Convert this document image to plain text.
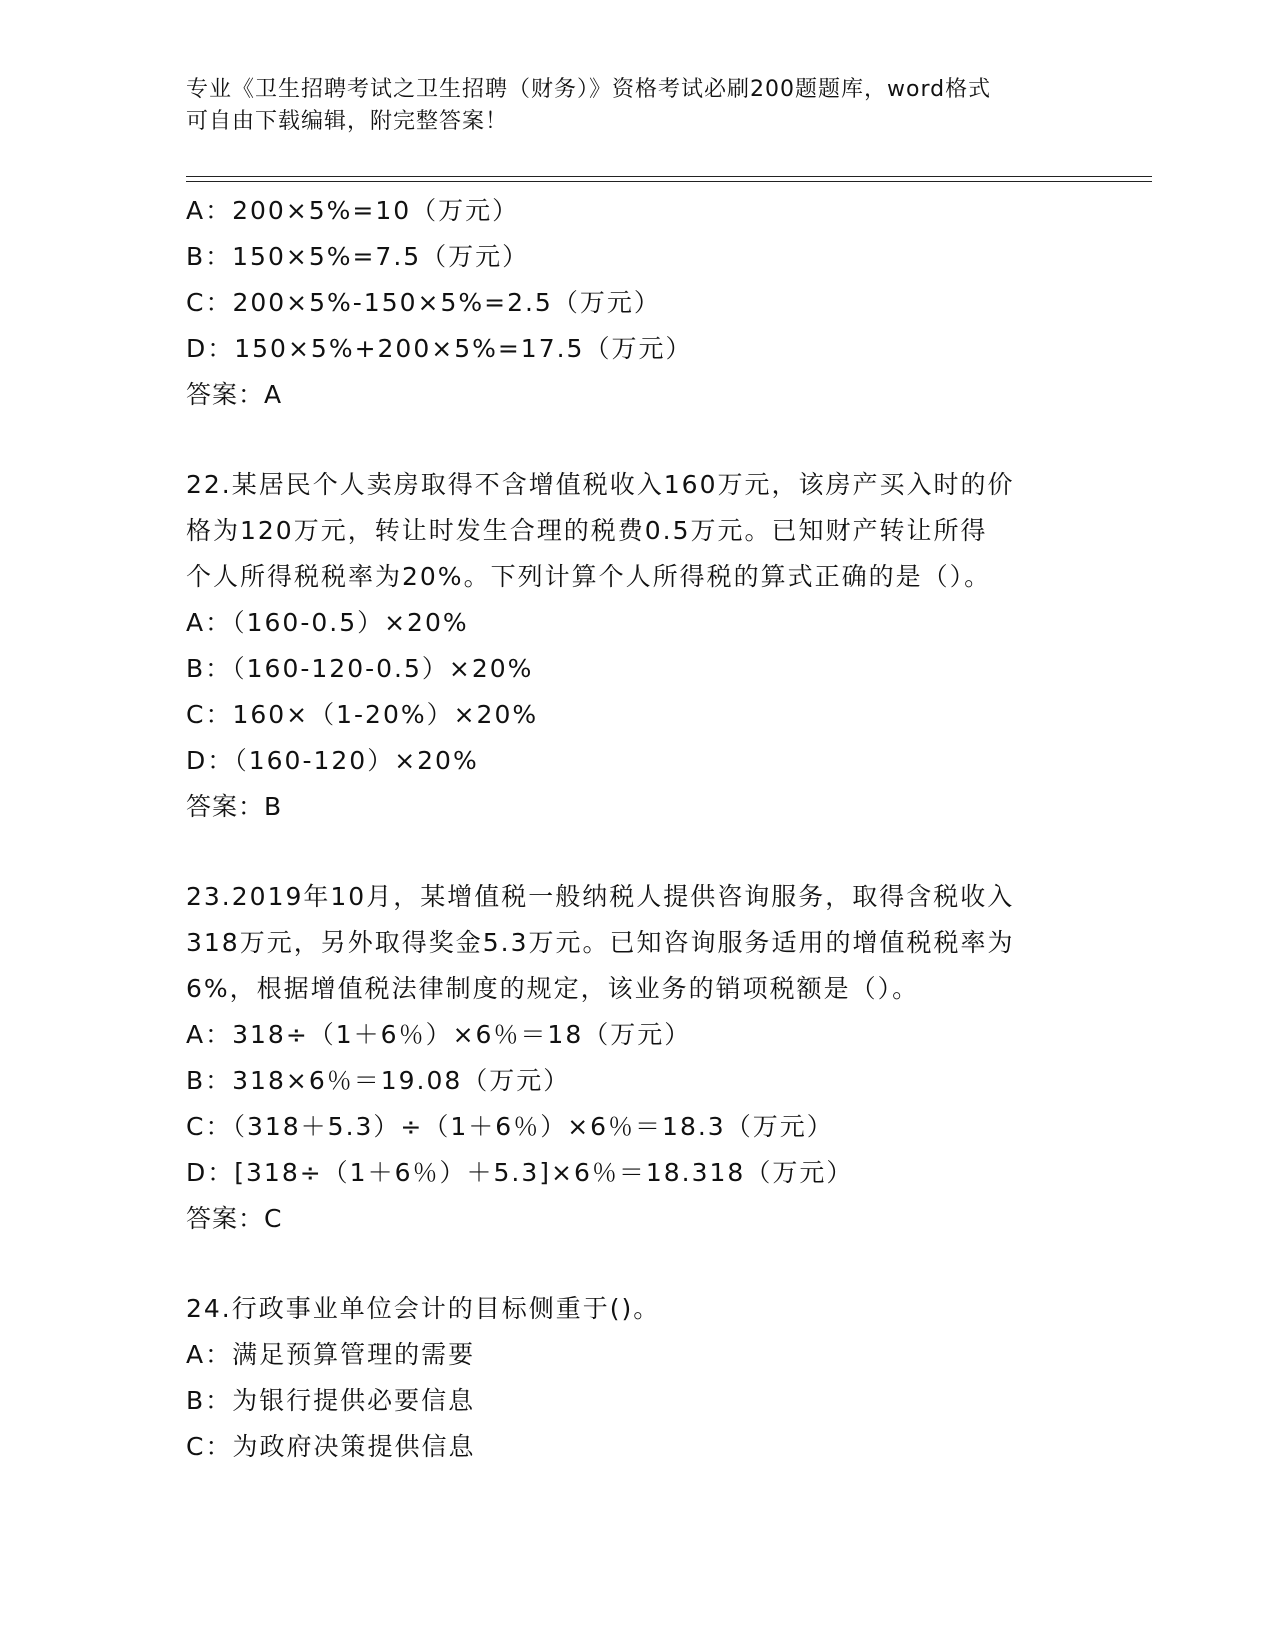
专业《卫生招聘考试之卫生招聘（财务）》资格考试必刷200题题库，word格式
可自由下载编辑，附完整答案！
A：200×5%=10（万元）
B：150×5%=7.5（万元）
C：200×5%-150×5%=2.5（万元）
D：150×5%+200×5%=17.5（万元）
答案：A
22.某居民个人卖房取得不含增值税收入160万元，该房产买入时的价
格为120万元，转让时发生合理的税费0.5万元。已知财产转让所得
个人所得税税率为20%。下列计算个人所得税的算式正确的是（）。
A：（160-0.5）×20%
B：（160-120-0.5）×20%
C：160×（1-20%）×20%
D：（160-120）×20%
答案：B
23.2019年10月，某增值税一般纳税人提供咨询服务，取得含税收入
318万元，另外取得奖金5.3万元。已知咨询服务适用的增值税税率为
6%，根据增值税法律制度的规定，该业务的销项税额是（）。
A：318÷（1＋6％）×6％＝18（万元）
B：318×6％＝19.08（万元）
C：（318＋5.3）÷（1＋6％）×6％＝18.3（万元）
D：[318÷（1＋6％）＋5.3]×6％＝18.318（万元）
答案：C
24.行政事业单位会计的目标侧重于()。
A：满足预算管理的需要
B：为银行提供必要信息
C：为政府决策提供信息
